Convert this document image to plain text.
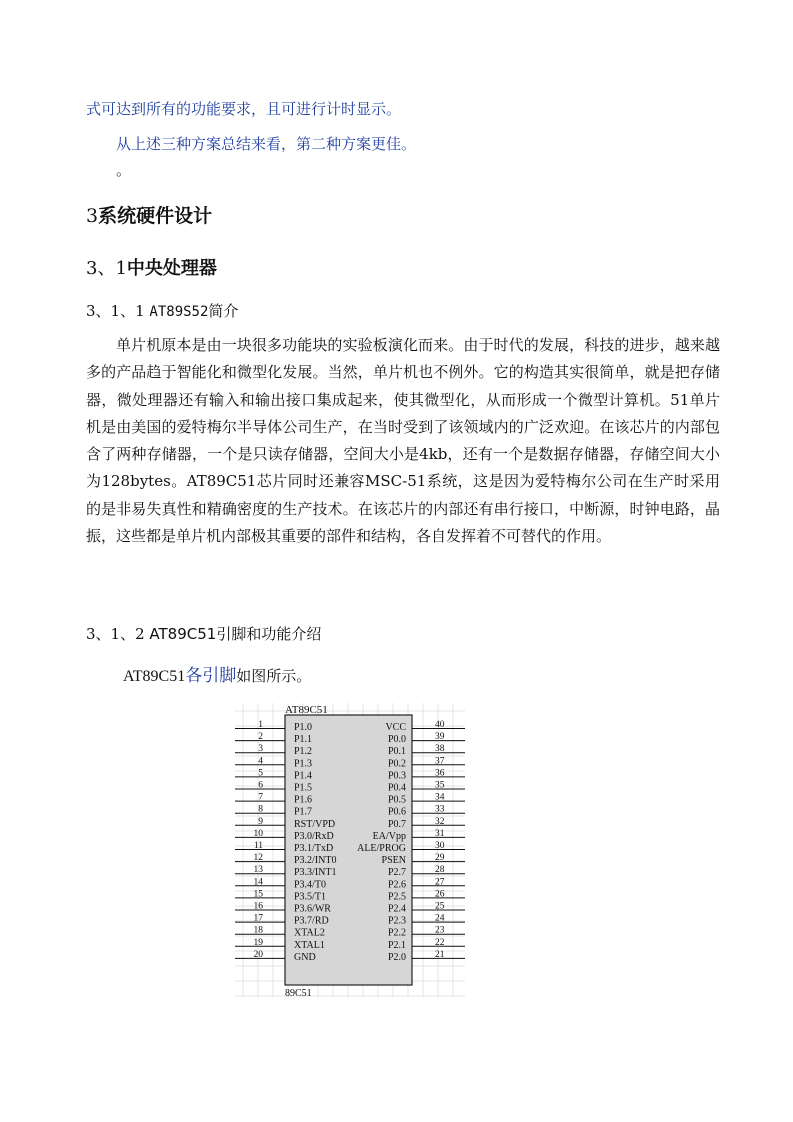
式可达到所有的功能要求，且可进行计时显示。
从上述三种方案总结来看，第二种方案更佳。
。
3系统硬件设计
3、1中央处理器
3、1、1 AT89S52简介
单片机原本是由一块很多功能块的实验板演化而来。由于时代的发展，科技的进步，越来越多的产品趋于智能化和微型化发展。当然，单片机也不例外。它的构造其实很简单，就是把存储器，微处理器还有输入和输出接口集成起来，使其微型化，从而形成一个微型计算机。51单片机是由美国的爱特梅尔半导体公司生产，在当时受到了该领域内的广泛欢迎。在该芯片的内部包含了两种存储器，一个是只读存储器，空间大小是4kb，还有一个是数据存储器，存储空间大小为128bytes。AT89C51芯片同时还兼容MSC-51系统，这是因为爱特梅尔公司在生产时采用的是非易失真性和精确密度的生产技术。在该芯片的内部还有串行接口，中断源，时钟电路，晶振，这些都是单片机内部极其重要的部件和结构，各自发挥着不可替代的作用。
3、1、2 AT89C51引脚和功能介绍
AT89C51各引脚如图所示。
AT89C51
89C51
1	P1.0
2	P1.1
3	P1.2
4	P1.3
5	P1.4
6	P1.5
7	P1.6
8	P1.7
9	RST/VPD
10	P3.0/RxD
11	P3.1/TxD
12	P3.2/INT0
13	P3.3/INT1
14	P3.4/T0
15	P3.5/T1
16	P3.6/WR
17	P3.7/RD
18	XTAL2
19	XTAL1
20	GND
40
VCC
39
P0.0
38
P0.1
37
P0.2
36
P0.3
35
P0.4
34
P0.5
33
P0.6
32
P0.7
31
EA/Vpp
30
ALE/PROG
29
PSEN
28
P2.7
27
P2.6
26
P2.5
25
P2.4
24
P2.3
23
P2.2
22
P2.1
21
P2.0
